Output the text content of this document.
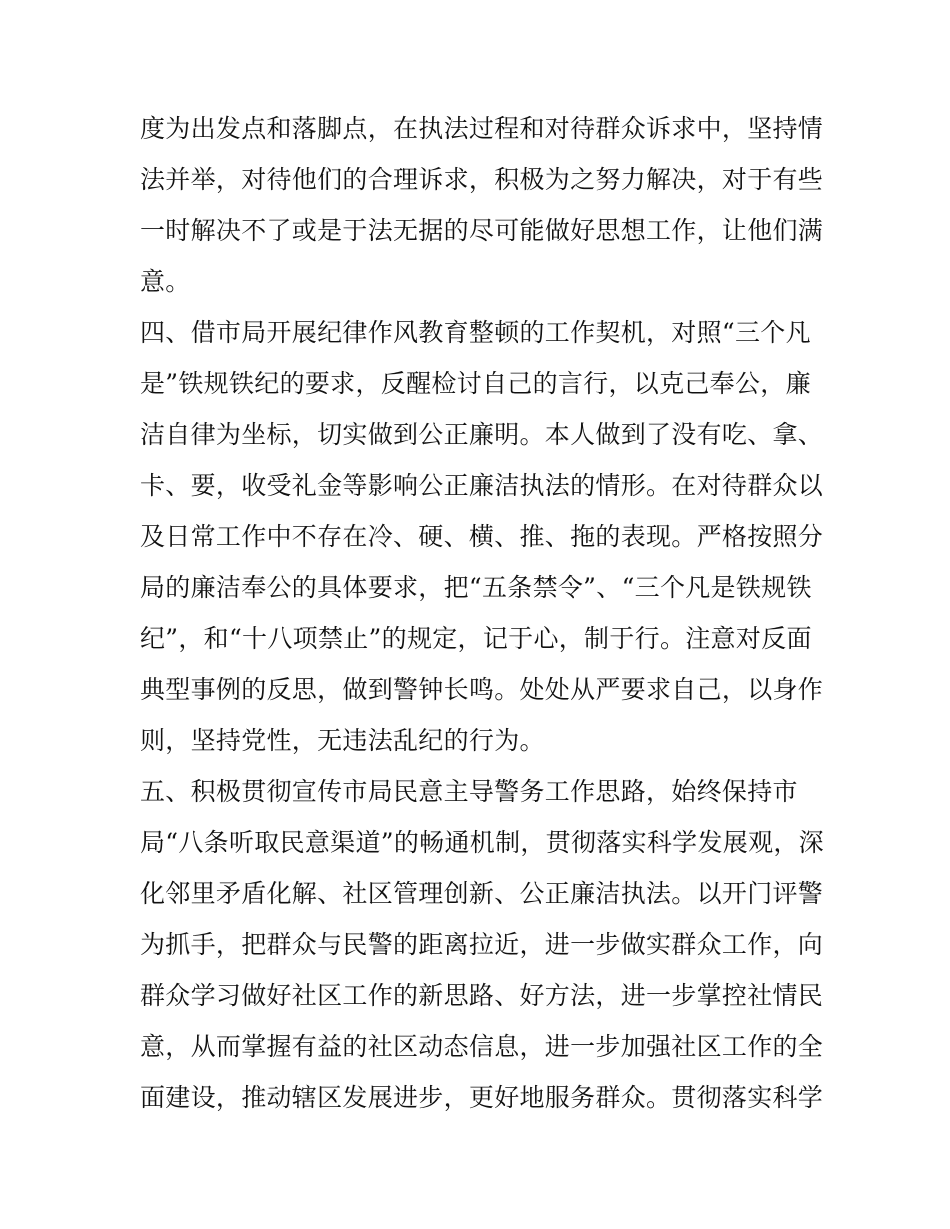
度为出发点和落脚点，在执法过程和对待群众诉求中，坚持情
法并举，对待他们的合理诉求，积极为之努力解决，对于有些
一时解决不了或是于法无据的尽可能做好思想工作，让他们满
意。
四、借市局开展纪律作风教育整顿的工作契机，对照“三个凡
是”铁规铁纪的要求，反醒检讨自己的言行，以克己奉公，廉
洁自律为坐标，切实做到公正廉明。本人做到了没有吃、拿、
卡、要，收受礼金等影响公正廉洁执法的情形。在对待群众以
及日常工作中不存在冷、硬、横、推、拖的表现。严格按照分
局的廉洁奉公的具体要求，把“五条禁令”、“三个凡是铁规铁
纪”，和“十八项禁止”的规定，记于心，制于行。注意对反面
典型事例的反思，做到警钟长鸣。处处从严要求自己，以身作
则，坚持党性，无违法乱纪的行为。
五、积极贯彻宣传市局民意主导警务工作思路，始终保持市
局“八条听取民意渠道”的畅通机制，贯彻落实科学发展观，深
化邻里矛盾化解、社区管理创新、公正廉洁执法。以开门评警
为抓手，把群众与民警的距离拉近，进一步做实群众工作，向
群众学习做好社区工作的新思路、好方法，进一步掌控社情民
意，从而掌握有益的社区动态信息，进一步加强社区工作的全
面建设，推动辖区发展进步，更好地服务群众。贯彻落实科学
